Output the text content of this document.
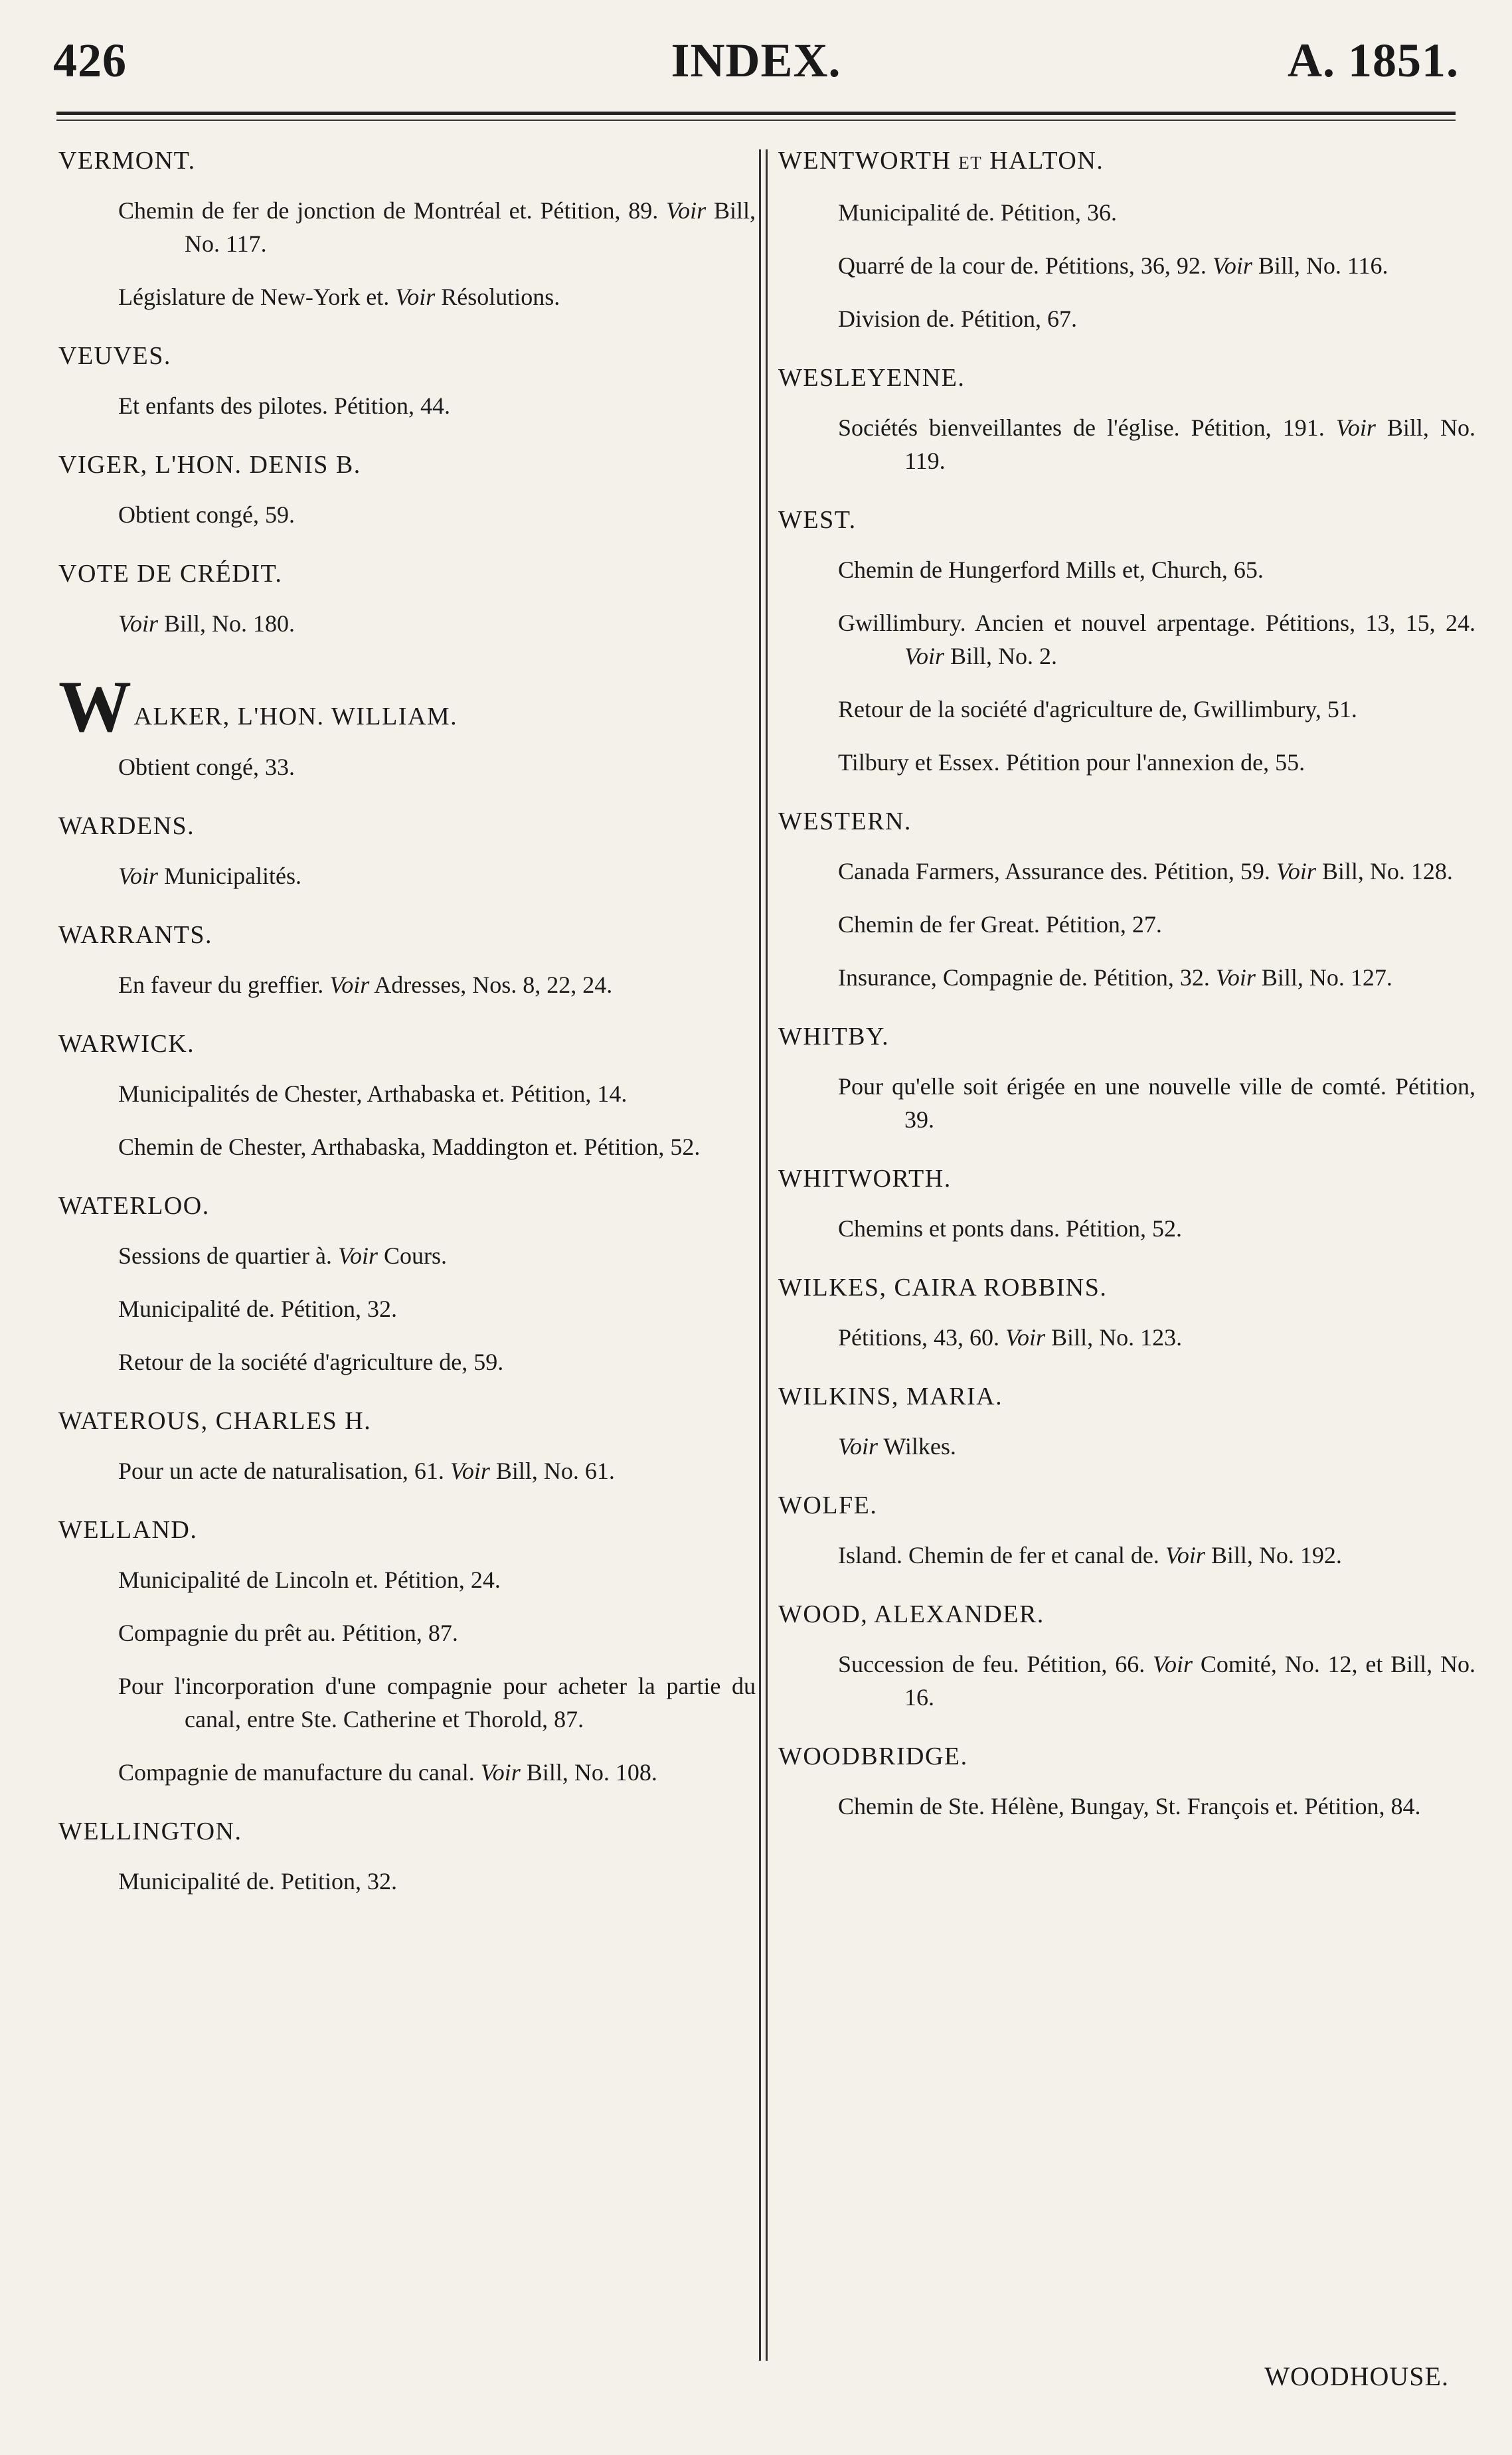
426	INDEX.	A. 1851.
VERMONT.
Chemin de fer de jonction de Montréal et. Pétition, 89. Voir Bill, No. 117.
Législature de New-York et. Voir Résolutions.
VEUVES.
Et enfants des pilotes. Pétition, 44.
VIGER, L'HON. DENIS B.
Obtient congé, 59.
VOTE DE CRÉDIT.
Voir Bill, No. 180.
WALKER, L'HON. WILLIAM.
Obtient congé, 33.
WARDENS.
Voir Municipalités.
WARRANTS.
En faveur du greffier. Voir Adresses, Nos. 8, 22, 24.
WARWICK.
Municipalités de Chester, Arthabaska et. Pétition, 14.
Chemin de Chester, Arthabaska, Maddington et. Pétition, 52.
WATERLOO.
Sessions de quartier à. Voir Cours.
Municipalité de. Pétition, 32.
Retour de la société d'agriculture de, 59.
WATEROUS, CHARLES H.
Pour un acte de naturalisation, 61. Voir Bill, No. 61.
WELLAND.
Municipalité de Lincoln et. Pétition, 24.
Compagnie du prêt au. Pétition, 87.
Pour l'incorporation d'une compagnie pour acheter la partie du canal, entre Ste. Catherine et Thorold, 87.
Compagnie de manufacture du canal. Voir Bill, No. 108.
WELLINGTON.
Municipalité de. Petition, 32.
WENTWORTH ET HALTON.
Municipalité de. Pétition, 36.
Quarré de la cour de. Pétitions, 36, 92. Voir Bill, No. 116.
Division de. Pétition, 67.
WESLEYENNE.
Sociétés bienveillantes de l'église. Pétition, 191. Voir Bill, No. 119.
WEST.
Chemin de Hungerford Mills et, Church, 65.
Gwillimbury. Ancien et nouvel arpentage. Pétitions, 13, 15, 24. Voir Bill, No. 2.
Retour de la société d'agriculture de, Gwillimbury, 51.
Tilbury et Essex. Pétition pour l'annexion de, 55.
WESTERN.
Canada Farmers, Assurance des. Pétition, 59. Voir Bill, No. 128.
Chemin de fer Great. Pétition, 27.
Insurance, Compagnie de. Pétition, 32. Voir Bill, No. 127.
WHITBY.
Pour qu'elle soit érigée en une nouvelle ville de comté. Pétition, 39.
WHITWORTH.
Chemins et ponts dans. Pétition, 52.
WILKES, CAIRA ROBBINS.
Pétitions, 43, 60. Voir Bill, No. 123.
WILKINS, MARIA.
Voir Wilkes.
WOLFE.
Island. Chemin de fer et canal de. Voir Bill, No. 192.
WOOD, ALEXANDER.
Succession de feu. Pétition, 66. Voir Comité, No. 12, et Bill, No. 16.
WOODBRIDGE.
Chemin de Ste. Hélène, Bungay, St. François et. Pétition, 84.
WOODHOUSE.
